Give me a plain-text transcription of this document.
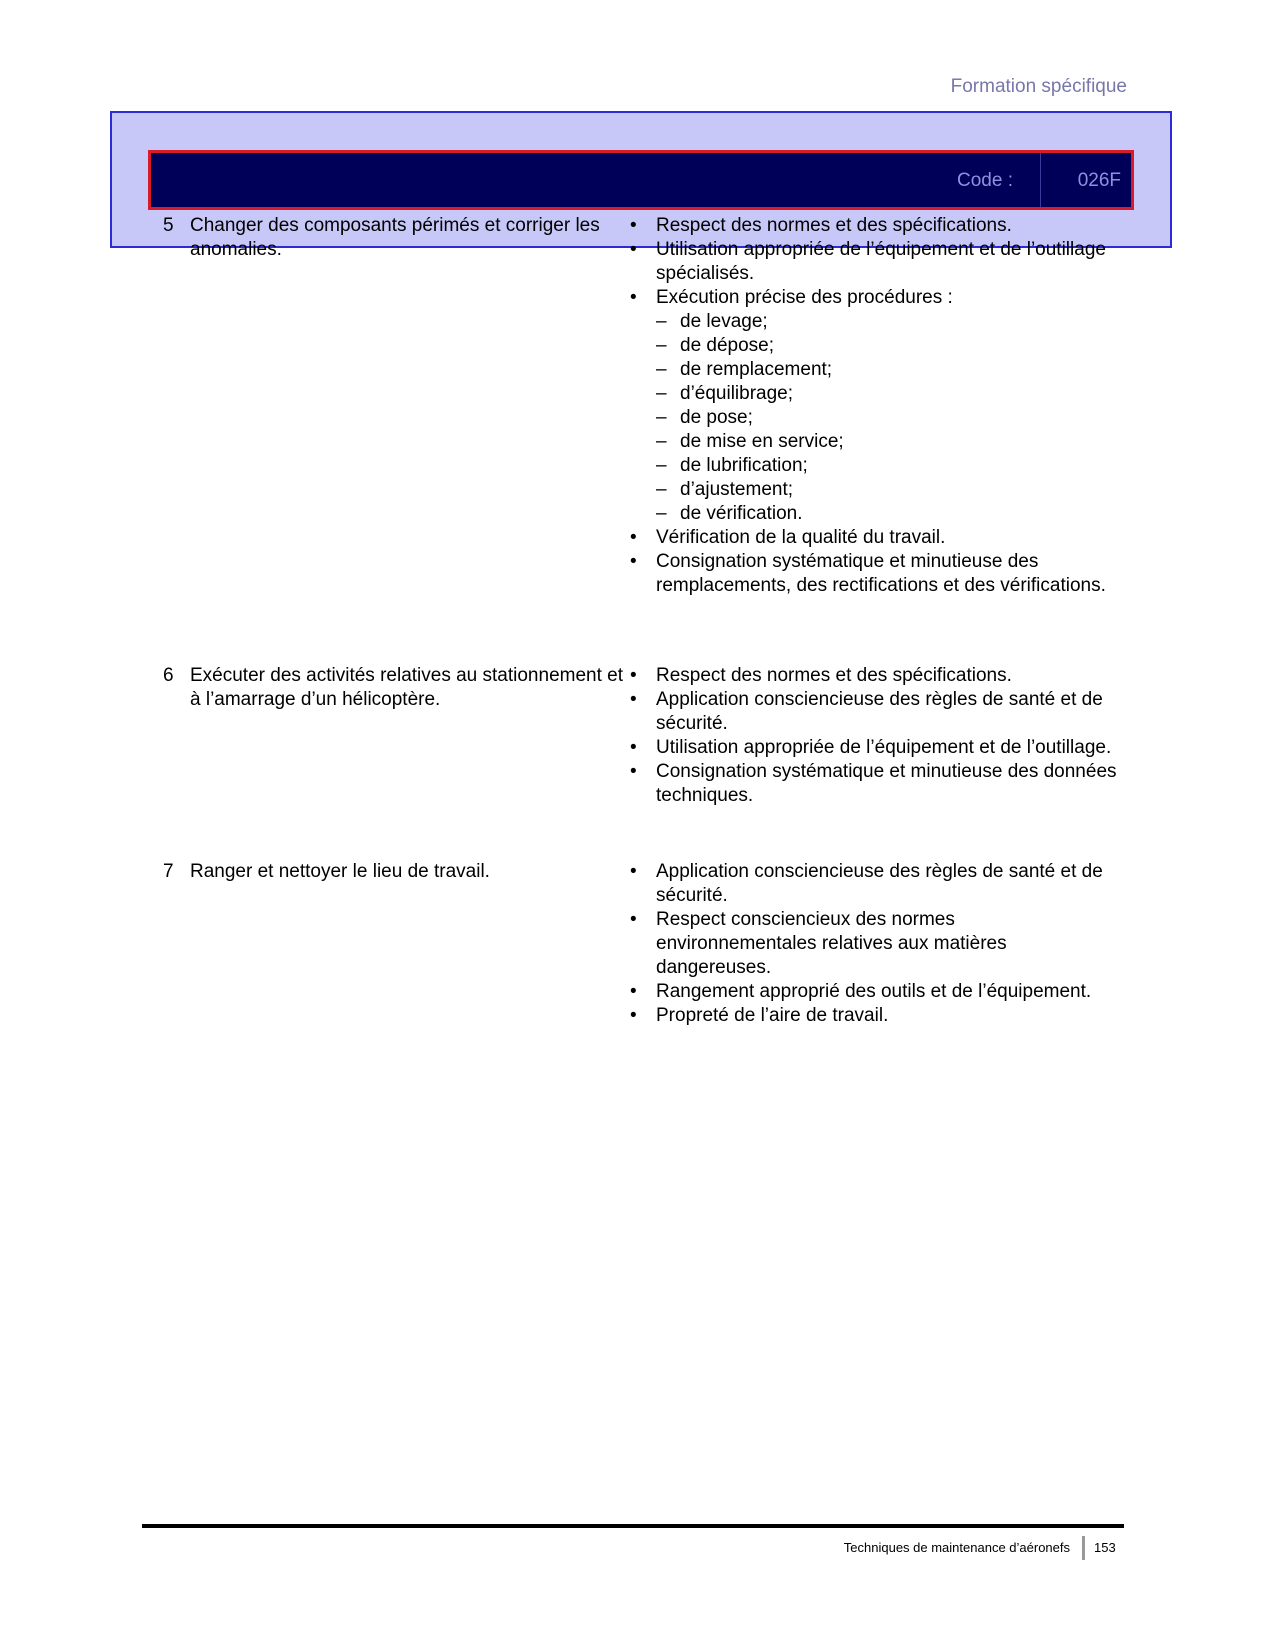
Formation spécifique
Code :	026F
5 Changer des composants périmés et corriger les anomalies.
• Respect des normes et des spécifications.
• Utilisation appropriée de l’équipement et de l’outillage spécialisés.
• Exécution précise des procédures :
– de levage;
– de dépose;
– de remplacement;
– d’équilibrage;
– de pose;
– de mise en service;
– de lubrification;
– d’ajustement;
– de vérification.
• Vérification de la qualité du travail.
• Consignation systématique et minutieuse des remplacements, des rectifications et des vérifications.
6 Exécuter des activités relatives au stationnement et à l’amarrage d’un hélicoptère.
• Respect des normes et des spécifications.
• Application consciencieuse des règles de santé et de sécurité.
• Utilisation appropriée de l’équipement et de l’outillage.
• Consignation systématique et minutieuse des données techniques.
7 Ranger et nettoyer le lieu de travail.	• Application consciencieuse des règles de santé et de sécurité.
• Respect consciencieux des normes environnementales relatives aux matières dangereuses.
• Rangement approprié des outils et de l’équipement.
• Propreté de l’aire de travail.
Techniques de maintenance d’aéronefs 153
